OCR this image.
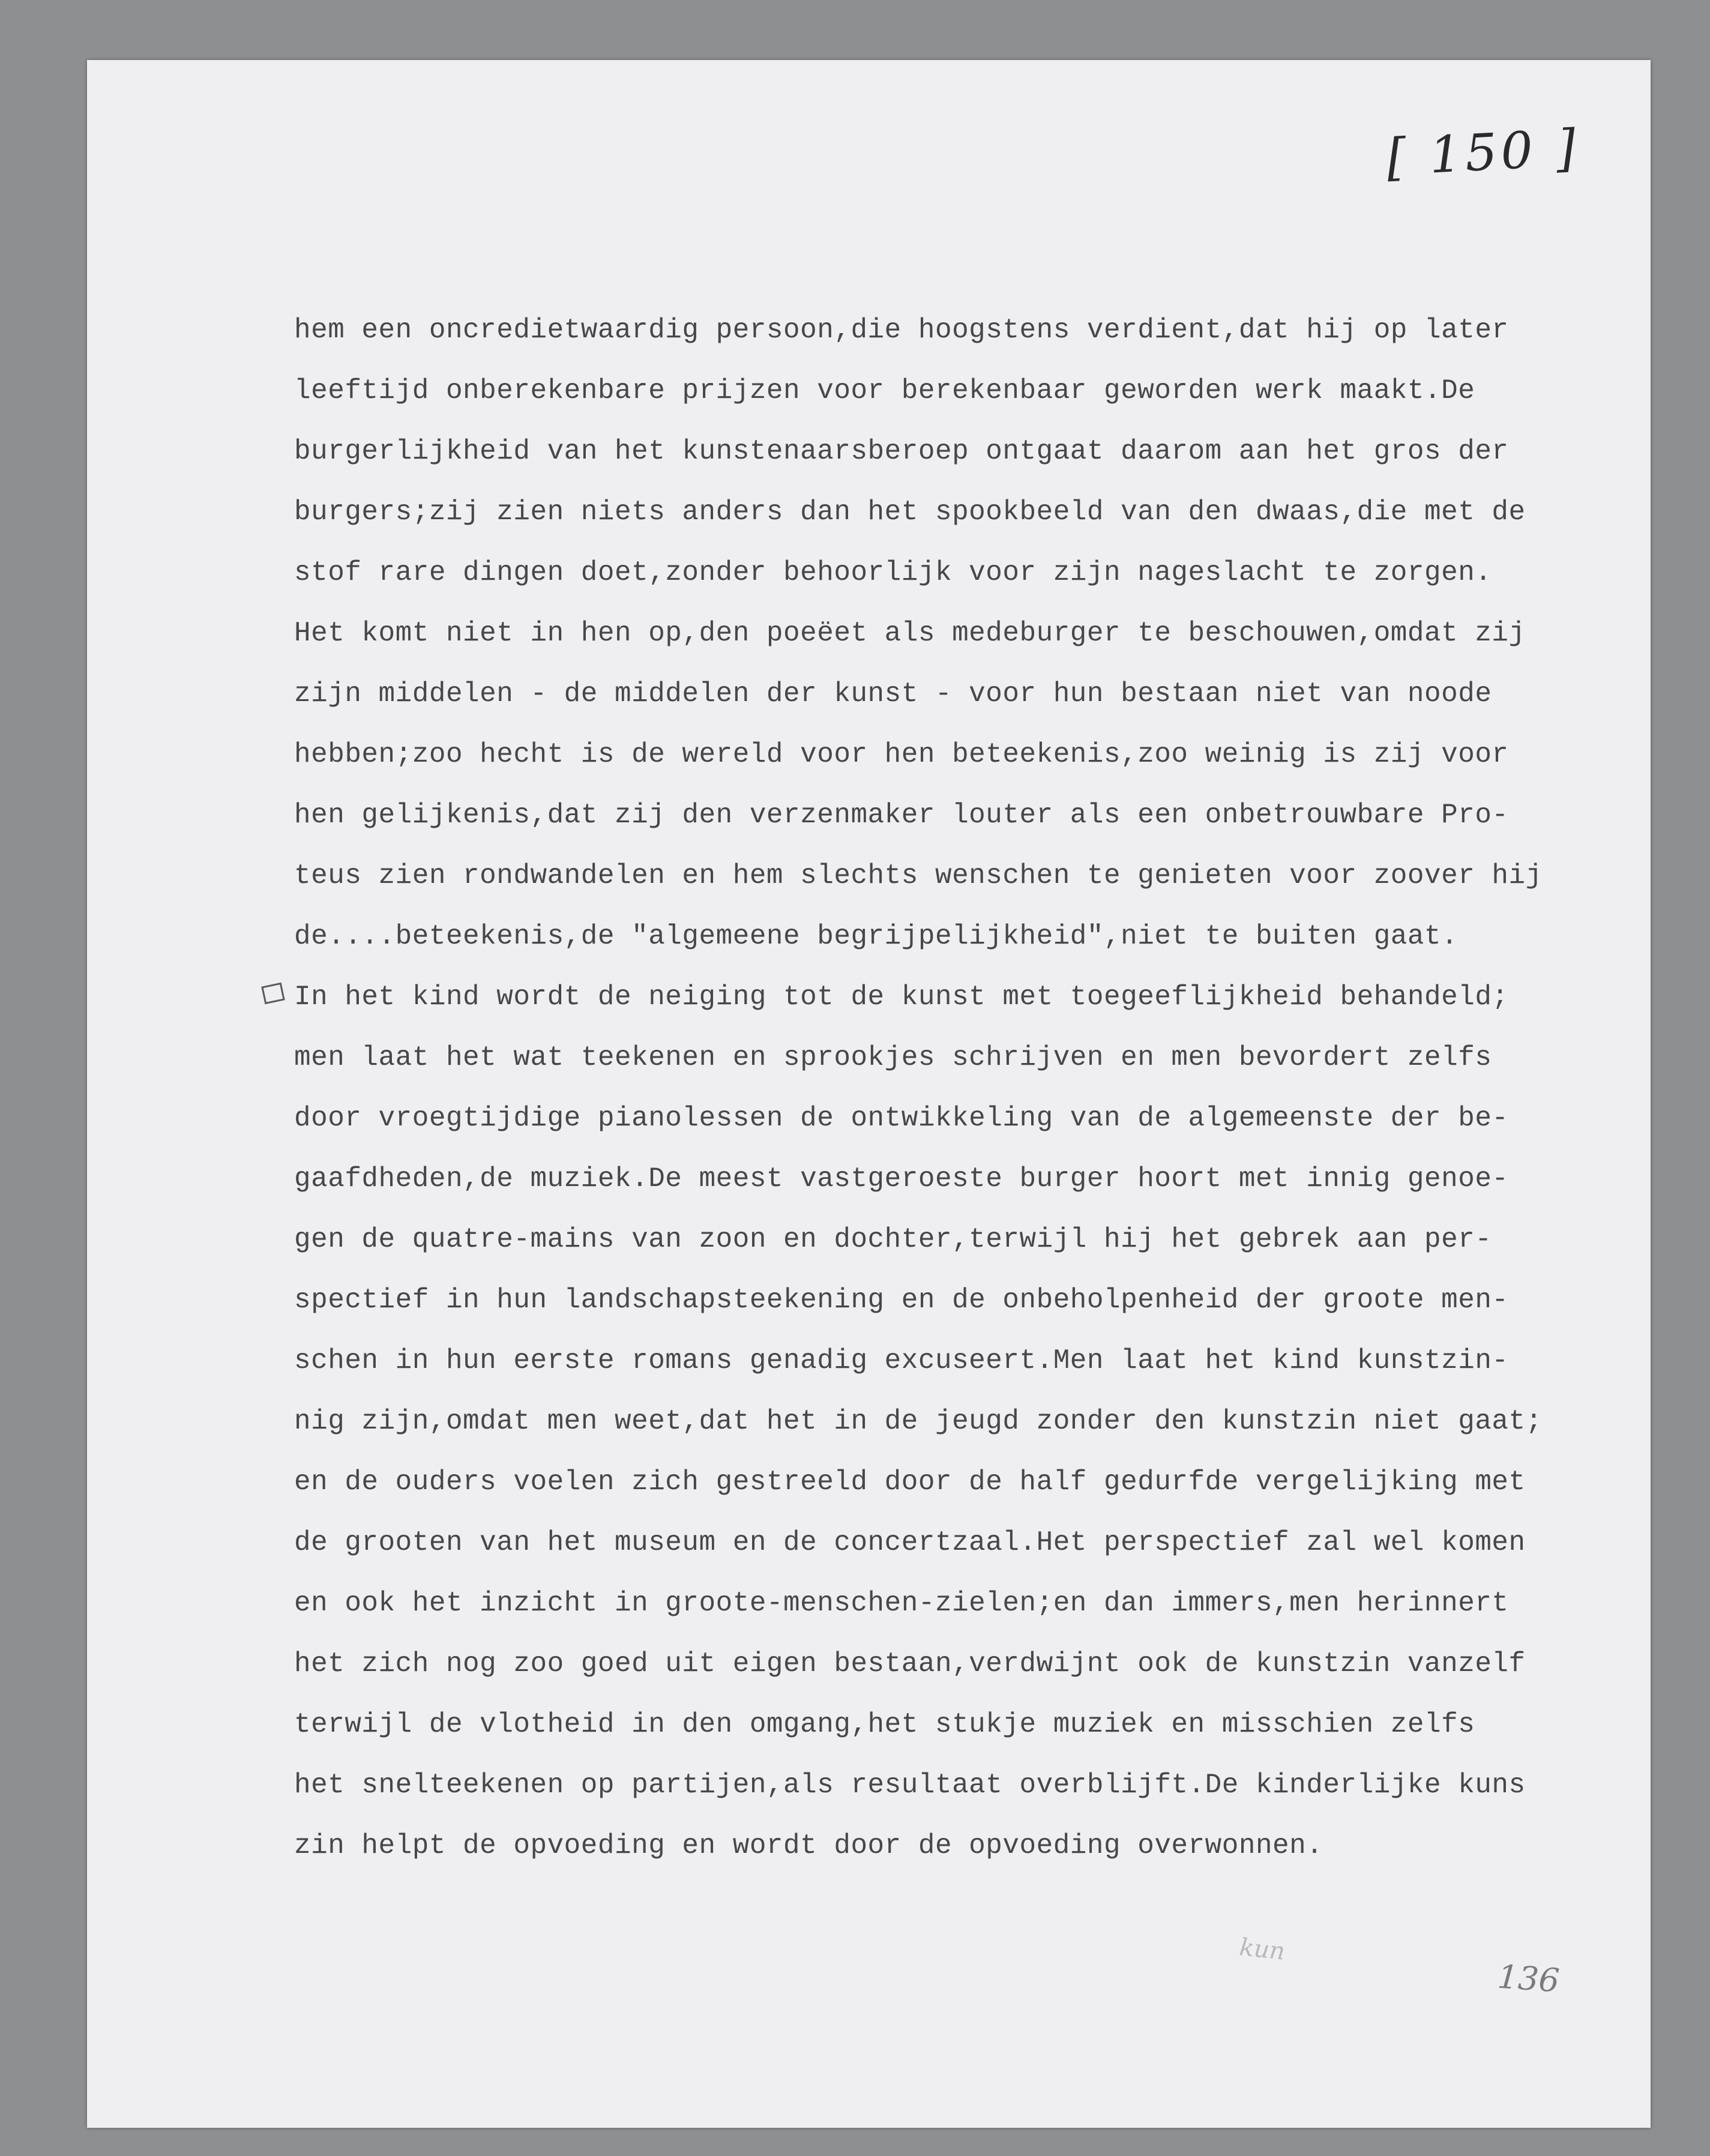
[ 150 ]
hem een oncredietwaardig persoon,die hoogstens verdient,dat hij op later
leeftijd onberekenbare prijzen voor berekenbaar geworden werk maakt.De
burgerlijkheid van het kunstenaarsberoep ontgaat daarom aan het gros der
burgers;zij zien niets anders dan het spookbeeld van den dwaas,die met de
stof rare dingen doet,zonder behoorlijk voor zijn nageslacht te zorgen.
Het komt niet in hen op,den poeëet als medeburger te beschouwen,omdat zij
zijn middelen - de middelen der kunst - voor hun bestaan niet van noode
hebben;zoo hecht is de wereld voor hen beteekenis,zoo weinig is zij voor
hen gelijkenis,dat zij den verzenmaker louter als een onbetrouwbare Pro-
teus zien rondwandelen en hem slechts wenschen te genieten voor zoover hij
de....beteekenis,de "algemeene begrijpelijkheid",niet te buiten gaat.
In het kind wordt de neiging tot de kunst met toegeeflijkheid behandeld;
men laat het wat teekenen en sprookjes schrijven en men bevordert zelfs
door vroegtijdige pianolessen de ontwikkeling van de algemeenste der be-
gaafdheden,de muziek.De meest vastgeroeste burger hoort met innig genoe-
gen de quatre-mains van zoon en dochter,terwijl hij het gebrek aan per-
spectief in hun landschapsteekening en de onbeholpenheid der groote men-
schen in hun eerste romans genadig excuseert.Men laat het kind kunstzin-
nig zijn,omdat men weet,dat het in de jeugd zonder den kunstzin niet gaat;
en de ouders voelen zich gestreeld door de half gedurfde vergelijking met
de grooten van het museum en de concertzaal.Het perspectief zal wel komen
en ook het inzicht in groote-menschen-zielen;en dan immers,men herinnert
het zich nog zoo goed uit eigen bestaan,verdwijnt ook de kunstzin vanzelf
terwijl de vlotheid in den omgang,het stukje muziek en misschien zelfs
het snelteekenen op partijen,als resultaat overblijft.De kinderlijke kuns
zin helpt de opvoeding en wordt door de opvoeding overwonnen.
kun
136
